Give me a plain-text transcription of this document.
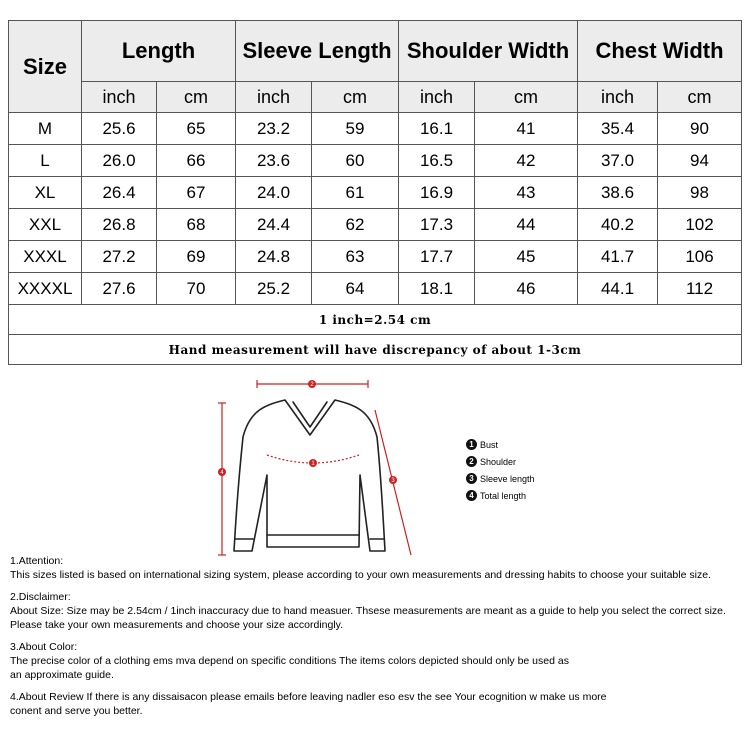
Size	Length		Sleeve Length		Shoulder Width		Chest Width	
	inch	cm	inch	cm	inch	cm	inch	cm
M	25.6	65	23.2	59	16.1	41	35.4	90
L	26.0	66	23.6	60	16.5	42	37.0	94
XL	26.4	67	24.0	61	16.9	43	38.6	98
XXL	26.8	68	24.4	62	17.3	44	40.2	102
XXXL	27.2	69	24.8	63	17.7	45	41.7	106
XXXXL	27.6	70	25.2	64	18.1	46	44.1	112
1 inch=2.54 cm								
Hand measurement will have discrepancy of about 1-3cm								
1
2
3
4
1 Bust
2 Shoulder
3 Sleeve length
4 Total length

1.Attention:
This sizes listed is based on international sizing system, please according to your own measurements and dressing habits to choose your suitable size.

2.Disclaimer:
About Size: Size may be 2.54cm / 1inch inaccuracy due to hand measuer. Thsese measurements are meant as a guide to help you select the correct size.
Please take your own measurements and choose your size accordingly.

3.About Color:
The precise color of a clothing ems mva depend on specific conditions The items colors depicted should only be used as
an approximate guide.

4.About Review If there is any dissaisacon please emails before leaving nadler eso esv the see Your ecognition w make us more
conent and serve you better.
